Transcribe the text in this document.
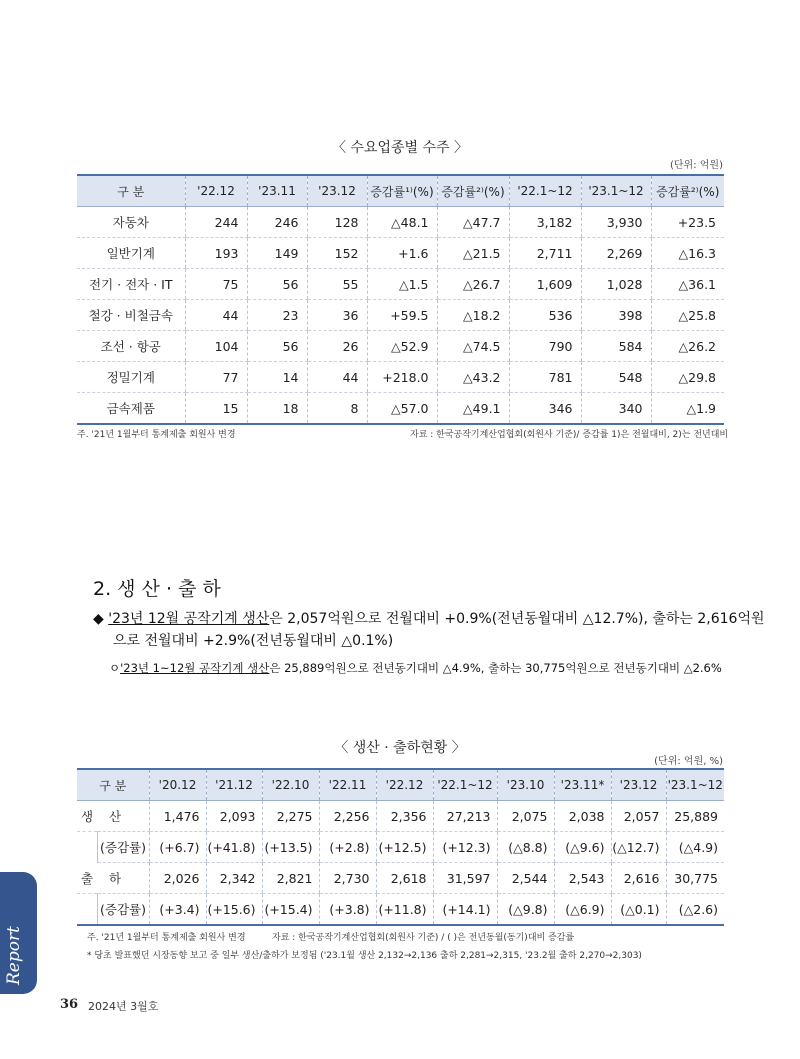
〈 수요업종별 수주 〉
(단위: 억원)
구 분	'22.12	'23.11	'23.12	증감률¹⁾(%)	증감률²⁾(%)	'22.1~12	'23.1~12	증감률²⁾(%)
자동차	244	246	128	△48.1	△47.7	3,182	3,930	+23.5
일반기계	193	149	152	+1.6	△21.5	2,711	2,269	△16.3
전기 · 전자 · IT	75	56	55	△1.5	△26.7	1,609	1,028	△36.1
철강 · 비철금속	44	23	36	+59.5	△18.2	536	398	△25.8
조선 · 항공	104	56	26	△52.9	△74.5	790	584	△26.2
정밀기계	77	14	44	+218.0	△43.2	781	548	△29.8
금속제품	15	18	8	△57.0	△49.1	346	340	△1.9
주. '21년 1월부터 통계제출 회원사 변경	자료 : 한국공작기계산업협회(회원사 기준)/ 증감률 1)은 전월대비, 2)는 전년대비
2. 생 산 · 출 하
◆ '23년 12월 공작기계 생산은 2,057억원으로 전월대비 +0.9%(전년동월대비 △12.7%), 출하는 2,616억원
으로 전월대비 +2.9%(전년동월대비 △0.1%)
ㅇ'23년 1~12월 공작기계 생산은 25,889억원으로 전년동기대비 △4.9%, 출하는 30,775억원으로 전년동기대비 △2.6%
〈 생산 · 출하현황 〉
(단위: 억원, %)
구 분		'20.12	'21.12	'22.10	'22.11	'22.12	'22.1~12	'23.10	'23.11*	'23.12	'23.1~12
생 산		1,476	2,093	2,275	2,256	2,356	27,213	2,075	2,038	2,057	25,889
	(증감률)	(+6.7)	(+41.8)	(+13.5)	(+2.8)	(+12.5)	(+12.3)	(△8.8)	(△9.6)	(△12.7)	(△4.9)
출 하		2,026	2,342	2,821	2,730	2,618	31,597	2,544	2,543	2,616	30,775
	(증감률)	(+3.4)	(+15.6)	(+15.4)	(+3.8)	(+11.8)	(+14.1)	(△9.8)	(△6.9)	(△0.1)	(△2.6)
주. '21년 1월부터 통계제출 회원사 변경	자료 : 한국공작기계산업협회(회원사 기준) / ( )은 전년동월(동기)대비 증감률
* 당초 발표했던 시장동향 보고 중 일부 생산/출하가 보정됨 ('23.1월 생산 2,132→2,136 출하 2,281→2,315, '23.2월 출하 2,270→2,303)
Report
36 2024년 3월호
